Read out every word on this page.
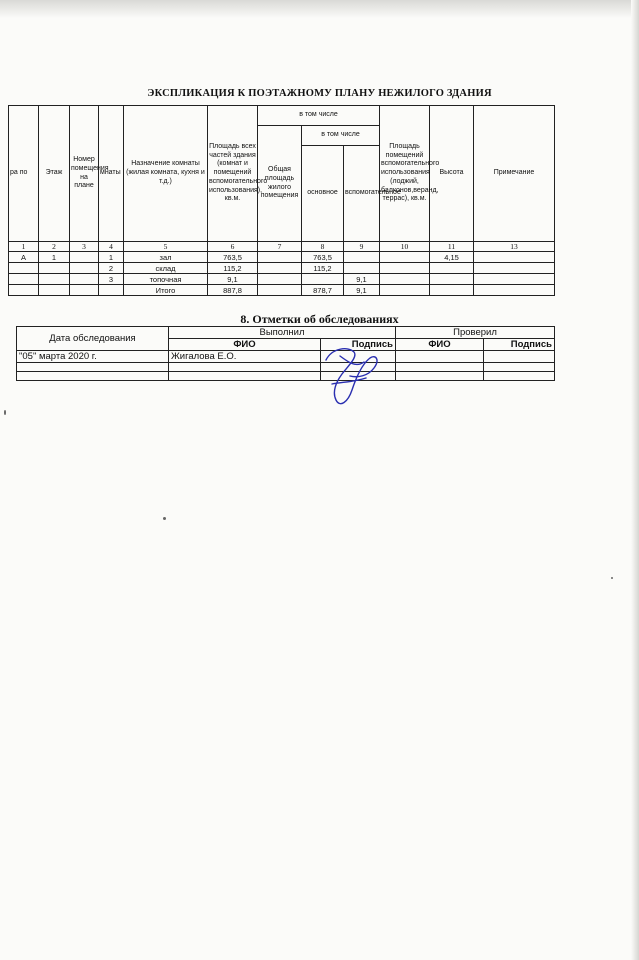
ЭКСПЛИКАЦИЯ К ПОЭТАЖНОМУ ПЛАНУ НЕЖИЛОГО ЗДАНИЯ
ра по	Этаж	Номер помещения на плане	мнаты	Назначение комнаты (жилая комната, кухня и т.д.)	Площадь всех частей здания (комнат и помещений вспомогательного использования), кв.м.	в том числе			Площадь помещений вспомогательного использования (лоджий, балконов,веранд, террас), кв.м.	Высота	Примечание
						Общая площадь жилого помещения	в том числе				
							основное	вспомогательное			
1	2	3	4	5	6	7	8	9	10	11	13
А	1		1	зал	763,5		763,5			4,15	
			2	склад	115,2		115,2				
			3	топочная	9,1			9,1			
				Итого	887,8		878,7	9,1			
8. Отметки об обследованиях
Дата обследования	Выполнил		Проверил	
	ФИО	Подпись	ФИО	Подпись
"05" марта 2020 г.	Жигалова Е.О.			
